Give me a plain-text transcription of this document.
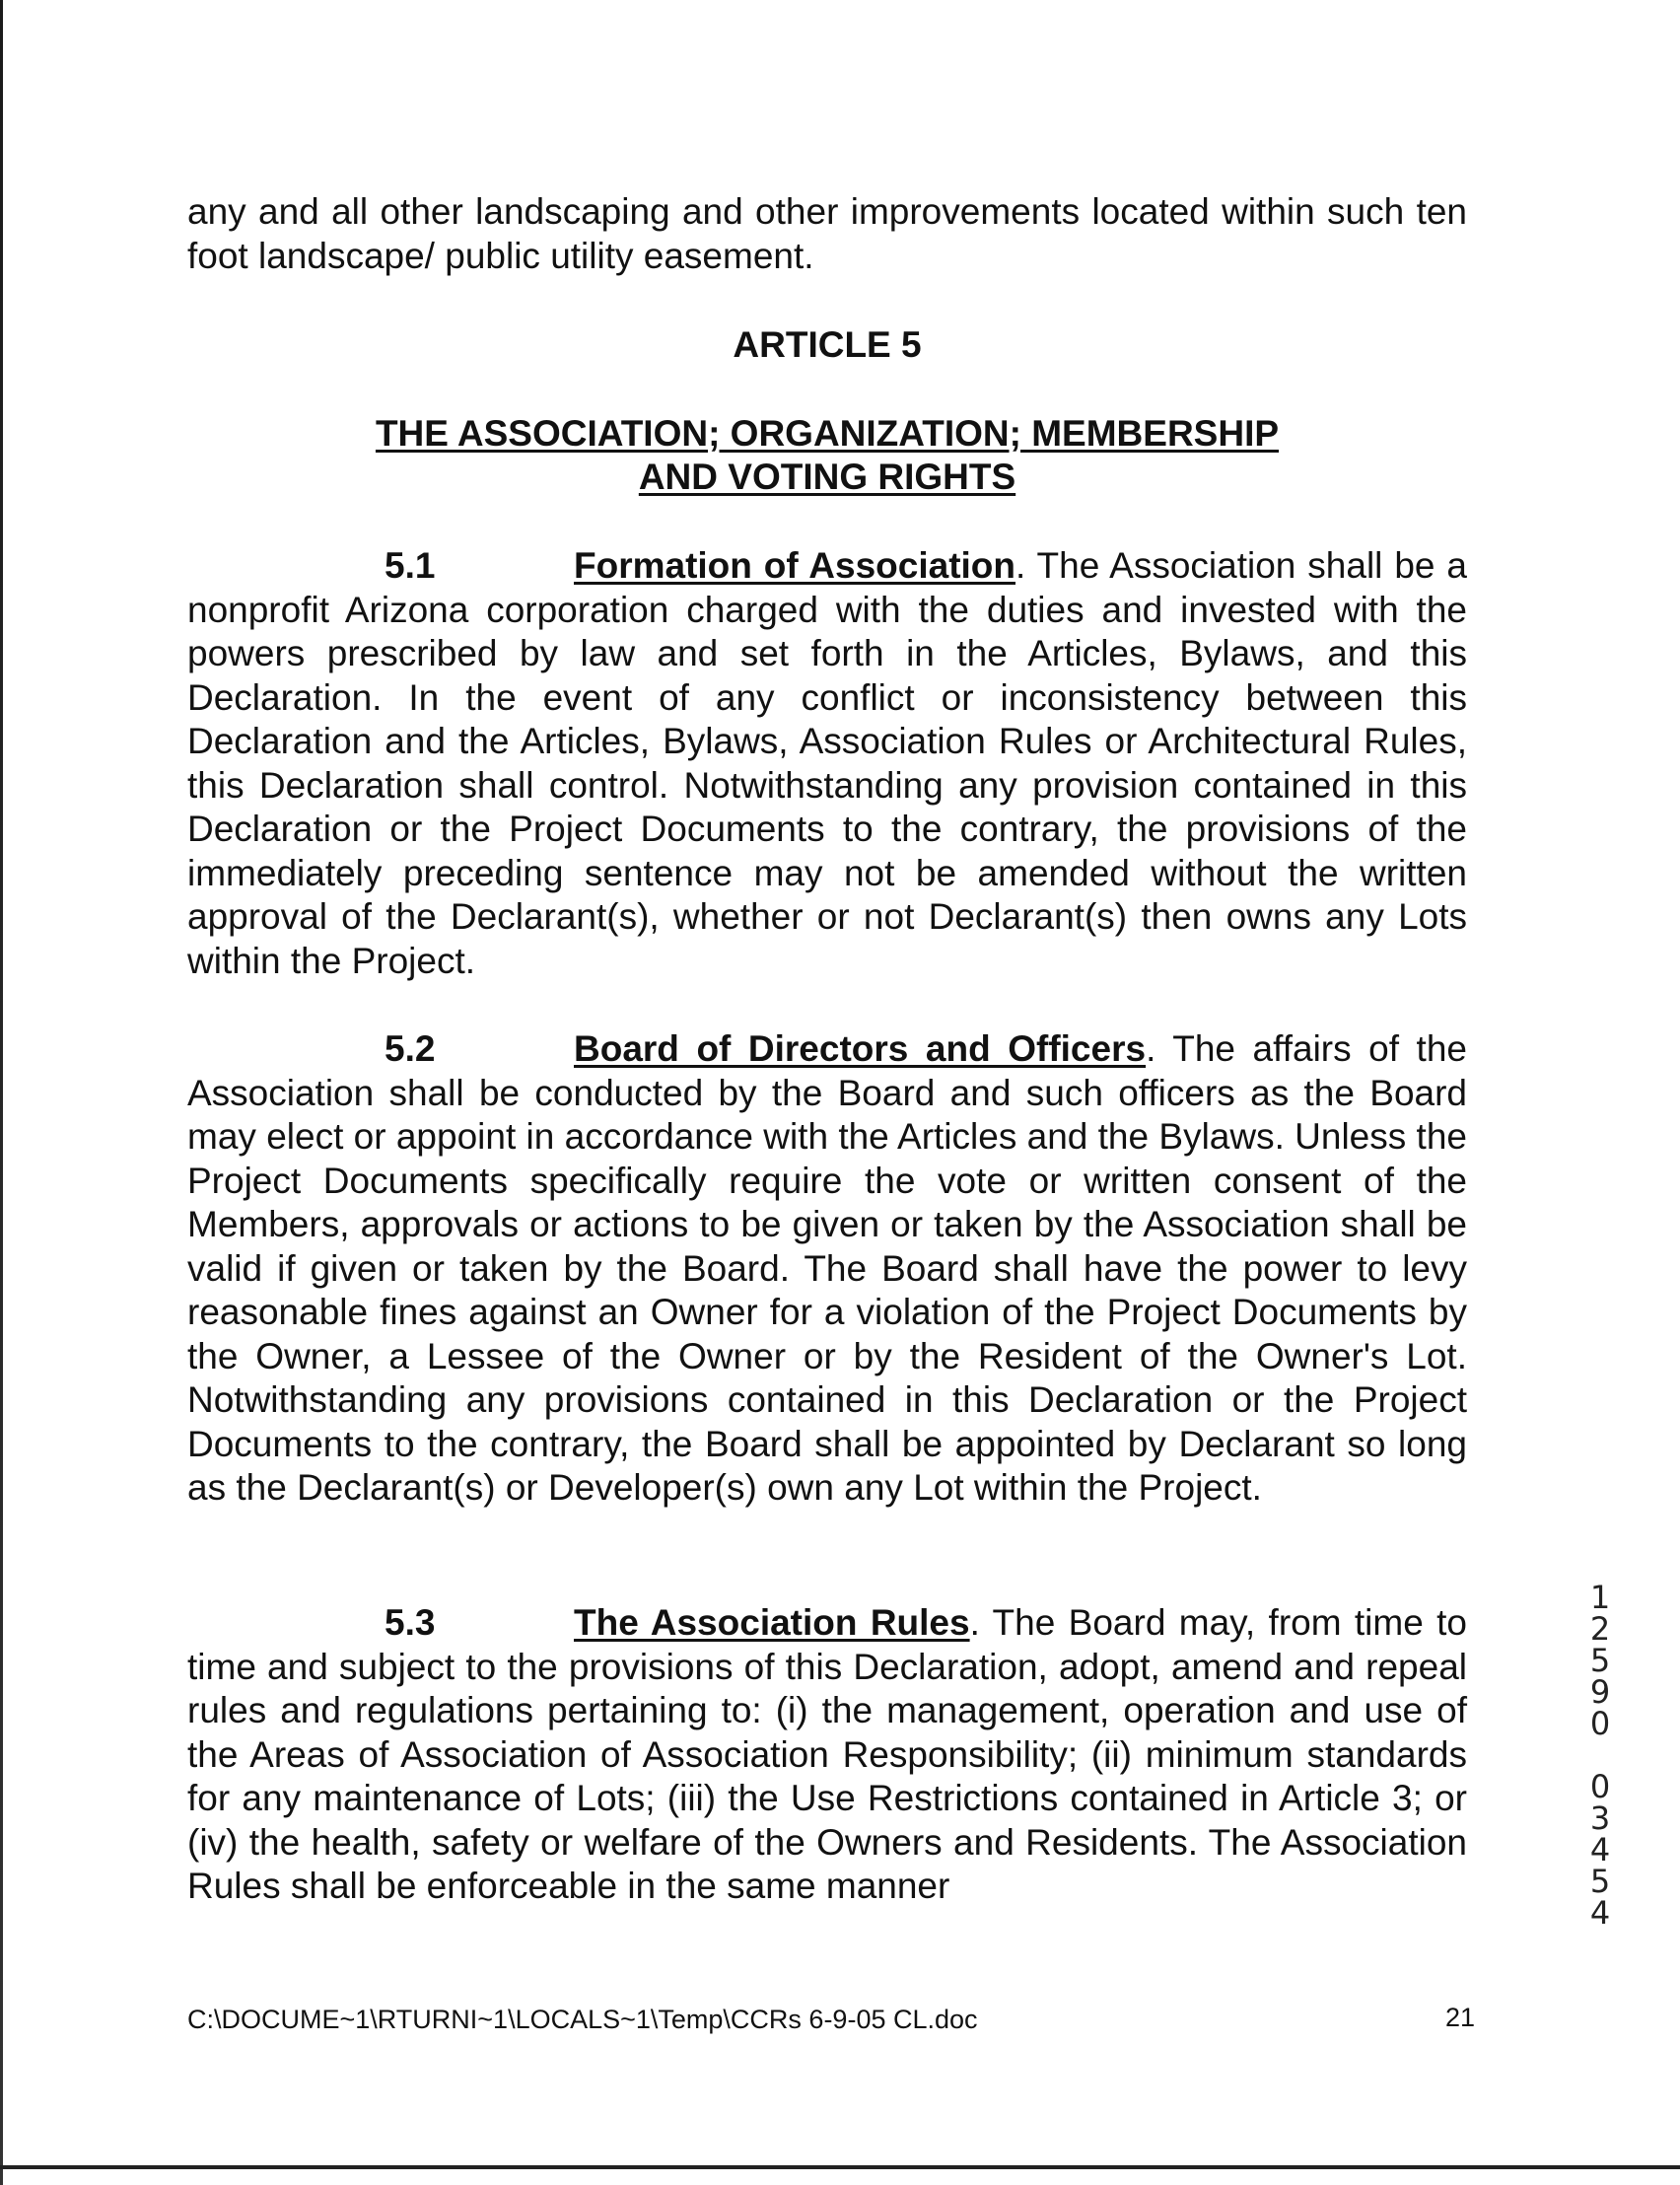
any and all other landscaping and other improvements located within such ten foot landscape/ public utility easement.

ARTICLE 5
THE ASSOCIATION; ORGANIZATION; MEMBERSHIP
AND VOTING RIGHTS

5.1	Formation of Association. The Association shall be a nonprofit Arizona corporation charged with the duties and invested with the powers prescribed by law and set forth in the Articles, Bylaws, and this Declaration. In the event of any conflict or inconsistency between this Declaration and the Articles, Bylaws, Association Rules or Architectural Rules, this Declaration shall control. Notwithstanding any provision contained in this Declaration or the Project Documents to the contrary, the provisions of the immediately preceding sentence may not be amended without the written approval of the Declarant(s), whether or not Declarant(s) then owns any Lots within the Project.

5.2	Board of Directors and Officers. The affairs of the Association shall be conducted by the Board and such officers as the Board may elect or appoint in accordance with the Articles and the Bylaws. Unless the Project Documents specifically require the vote or written consent of the Members, approvals or actions to be given or taken by the Association shall be valid if given or taken by the Board. The Board shall have the power to levy reasonable fines against an Owner for a violation of the Project Documents by the Owner, a Lessee of the Owner or by the Resident of the Owner's Lot. Notwithstanding any provisions contained in this Declaration or the Project Documents to the contrary, the Board shall be appointed by Declarant so long as the Declarant(s) or Developer(s) own any Lot within the Project.

5.3	The Association Rules. The Board may, from time to time and subject to the provisions of this Declaration, adopt, amend and repeal rules and regulations pertaining to: (i) the management, operation and use of the Areas of Association of Association Responsibility; (ii) minimum standards for any maintenance of Lots; (iii) the Use Restrictions contained in Article 3; or (iv) the health, safety or welfare of the Owners and Residents. The Association Rules shall be enforceable in the same manner

1
2
5
9
0
0
3
4
5
4
C:\DOCUME~1\RTURNI~1\LOCALS~1\Temp\CCRs 6-9-05 CL.doc	21
